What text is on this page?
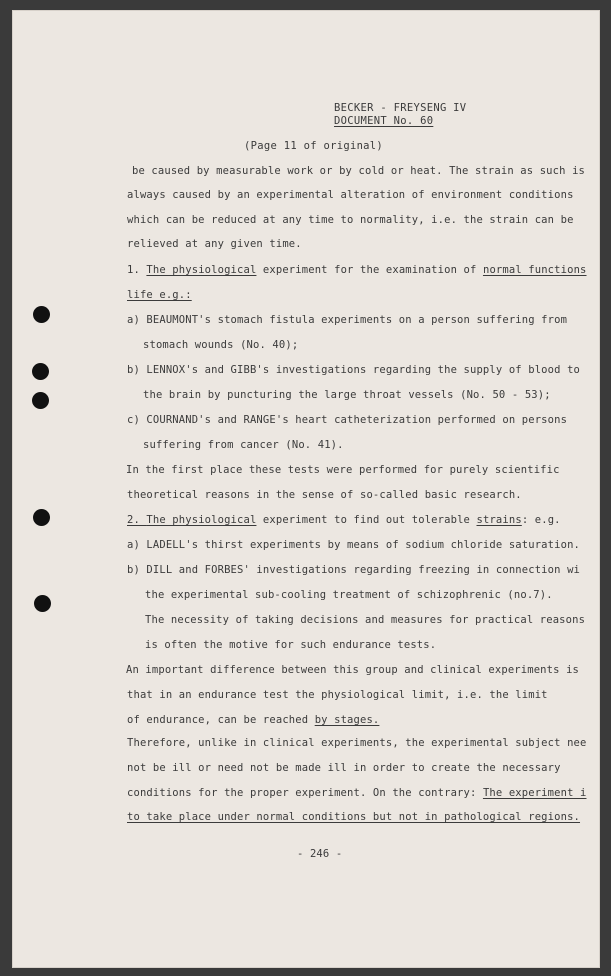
BECKER - FREYSENG IV
DOCUMENT No. 60
(Page 11 of original)
be caused by measurable work or by cold or heat. The strain as such is
always caused by an experimental alteration of environment conditions
which can be reduced at any time to normality, i.e. the strain can be
relieved at any given time.
1. The physiological experiment for the examination of normal functions
life e.g.:
a) BEAUMONT's stomach fistula experiments on a person suffering from
stomach wounds (No. 40);
b) LENNOX's and GIBB's investigations regarding the supply of blood to
the brain by puncturing the large throat vessels (No. 50 - 53);
c) COURNAND's and RANGE's heart catheterization performed on persons
suffering from cancer (No. 41).
In the first place these tests were performed for purely scientific
theoretical reasons in the sense of so-called basic research.
2. The physiological experiment to find out tolerable strains: e.g.
a) LADELL's thirst experiments by means of sodium chloride saturation.
b) DILL and FORBES' investigations regarding freezing in connection wi
the experimental sub-cooling treatment of schizophrenic (no.7).
The necessity of taking decisions and measures for practical reasons
is often the motive for such endurance tests.
An important difference between this group and clinical experiments is
that in an endurance test the physiological limit, i.e. the limit
of endurance, can be reached by stages.
Therefore, unlike in clinical experiments, the experimental subject nee
not be ill or need not be made ill in order to create the necessary
conditions for the proper experiment. On the contrary: The experiment i
to take place under normal conditions but not in pathological regions.
- 246 -
